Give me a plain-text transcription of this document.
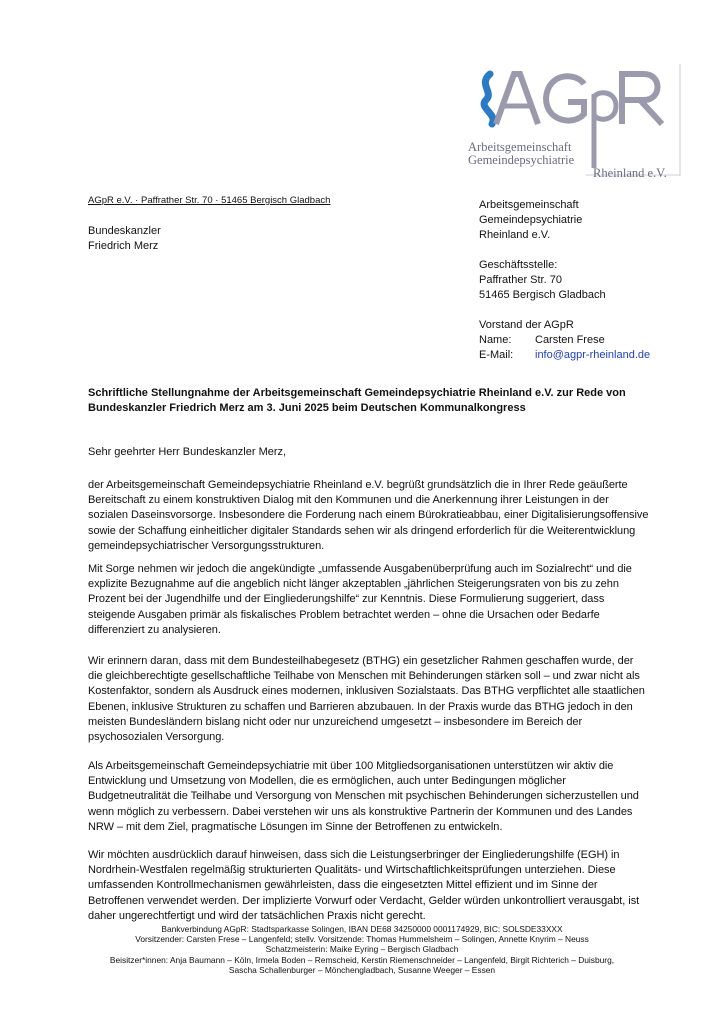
Arbeitsgemeinschaft
Gemeindepsychiatrie
Rheinland e.V.
AGpR e.V. · Paffrather Str. 70 · 51465 Bergisch Gladbach
Bundeskanzler
Friedrich Merz
Arbeitsgemeinschaft
Gemeindepsychiatrie
Rheinland e.V.
Geschäftsstelle:
Paffrather Str. 70
51465 Bergisch Gladbach
Vorstand der AGpR
Name: Carsten Frese
E-Mail: info@agpr-rheinland.de
Schriftliche Stellungnahme der Arbeitsgemeinschaft Gemeindepsychiatrie Rheinland e.V. zur Rede von Bundeskanzler Friedrich Merz am 3. Juni 2025 beim Deutschen Kommunalkongress
Sehr geehrter Herr Bundeskanzler Merz,
der Arbeitsgemeinschaft Gemeindepsychiatrie Rheinland e.V. begrüßt grundsätzlich die in Ihrer Rede geäußerte Bereitschaft zu einem konstruktiven Dialog mit den Kommunen und die Anerkennung ihrer Leistungen in der sozialen Daseinsvorsorge. Insbesondere die Forderung nach einem Bürokratieabbau, einer Digitalisierungsoffensive sowie der Schaffung einheitlicher digitaler Standards sehen wir als dringend erforderlich für die Weiterentwicklung gemeindepsychiatrischer Versorgungsstrukturen.
Mit Sorge nehmen wir jedoch die angekündigte „umfassende Ausgabenüberprüfung auch im Sozialrecht“ und die explizite Bezugnahme auf die angeblich nicht länger akzeptablen „jährlichen Steigerungsraten von bis zu zehn Prozent bei der Jugendhilfe und der Eingliederungshilfe“ zur Kenntnis. Diese Formulierung suggeriert, dass steigende Ausgaben primär als fiskalisches Problem betrachtet werden – ohne die Ursachen oder Bedarfe differenziert zu analysieren.
Wir erinnern daran, dass mit dem Bundesteilhabegesetz (BTHG) ein gesetzlicher Rahmen geschaffen wurde, der die gleichberechtigte gesellschaftliche Teilhabe von Menschen mit Behinderungen stärken soll – und zwar nicht als Kostenfaktor, sondern als Ausdruck eines modernen, inklusiven Sozialstaats. Das BTHG verpflichtet alle staatlichen Ebenen, inklusive Strukturen zu schaffen und Barrieren abzubauen. In der Praxis wurde das BTHG jedoch in den meisten Bundesländern bislang nicht oder nur unzureichend umgesetzt – insbesondere im Bereich der psychosozialen Versorgung.
Als Arbeitsgemeinschaft Gemeindepsychiatrie mit über 100 Mitgliedsorganisationen unterstützen wir aktiv die Entwicklung und Umsetzung von Modellen, die es ermöglichen, auch unter Bedingungen möglicher Budgetneutralität die Teilhabe und Versorgung von Menschen mit psychischen Behinderungen sicherzustellen und wenn möglich zu verbessern. Dabei verstehen wir uns als konstruktive Partnerin der Kommunen und des Landes NRW – mit dem Ziel, pragmatische Lösungen im Sinne der Betroffenen zu entwickeln.
Wir möchten ausdrücklich darauf hinweisen, dass sich die Leistungserbringer der Eingliederungshilfe (EGH) in Nordrhein-Westfalen regelmäßig strukturierten Qualitäts- und Wirtschaftlichkeitsprüfungen unterziehen. Diese umfassenden Kontrollmechanismen gewährleisten, dass die eingesetzten Mittel effizient und im Sinne der Betroffenen verwendet werden. Der implizierte Vorwurf oder Verdacht, Gelder würden unkontrolliert verausgabt, ist daher ungerechtfertigt und wird der tatsächlichen Praxis nicht gerecht.
Bankverbindung AGpR: Stadtsparkasse Solingen, IBAN DE68 34250000 0001174929, BIC: SOLSDE33XXX
Vorsitzender: Carsten Frese – Langenfeld; stellv. Vorsitzende: Thomas Hummelsheim – Solingen, Annette Knyrim – Neuss
Schatzmeisterin: Maike Eyring – Bergisch Gladbach
Beisitzer*innen: Anja Baumann – Köln, Irmela Boden – Remscheid, Kerstin Riemenschneider – Langenfeld, Birgit Richterich – Duisburg,
Sascha Schallenburger – Mönchengladbach, Susanne Weeger – Essen
